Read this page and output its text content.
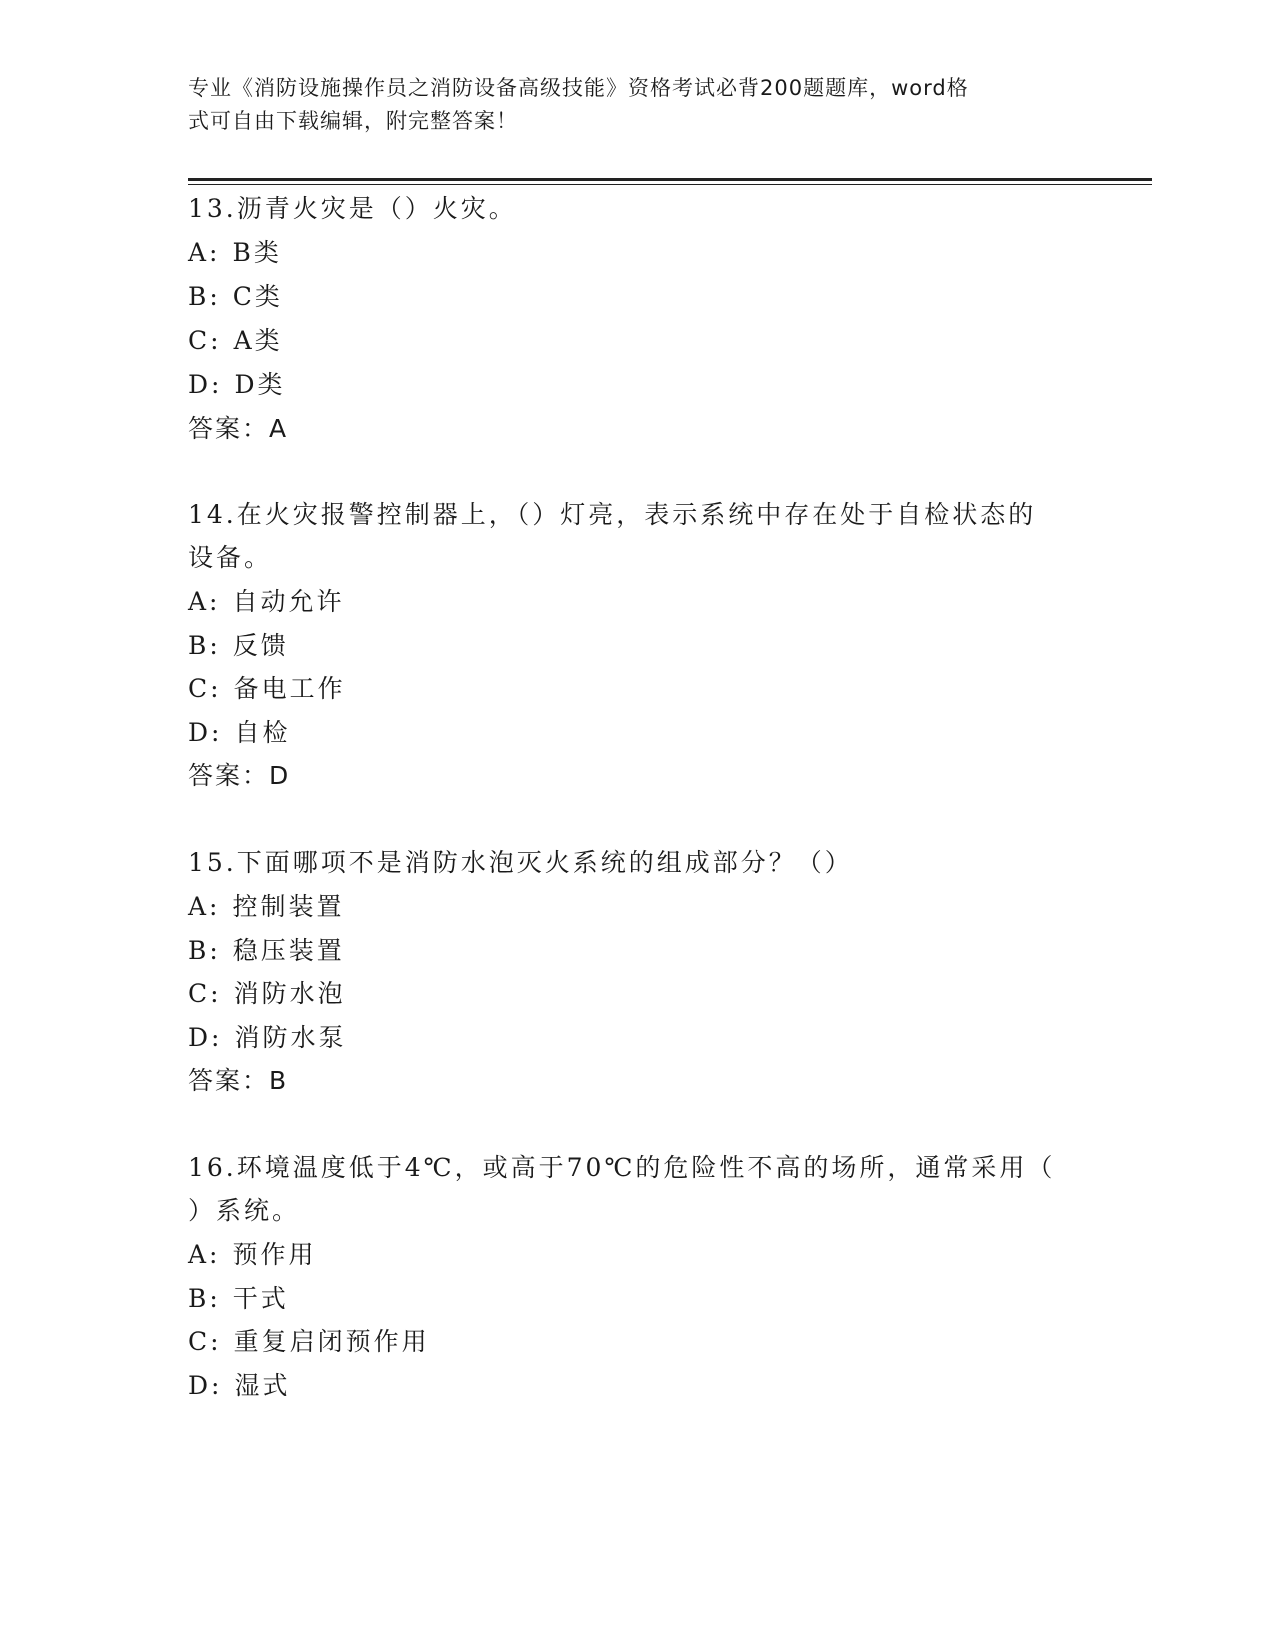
专业《消防设施操作员之消防设备高级技能》资格考试必背200题题库，word格
式可自由下载编辑，附完整答案！

13.沥青火灾是（）火灾。

A: B类

B: C类

C: A类

D: D类

答案：A

14.在火灾报警控制器上，（）灯亮，表示系统中存在处于自检状态的

设备。

A: 自动允许

B: 反馈

C: 备电工作

D: 自检

答案：D

15.下面哪项不是消防水泡灭火系统的组成部分？（）

A: 控制装置

B: 稳压装置

C: 消防水泡

D: 消防水泵

答案：B

16.环境温度低于4℃，或高于70℃的危险性不高的场所，通常采用（

）系统。

A: 预作用

B: 干式

C: 重复启闭预作用

D: 湿式
